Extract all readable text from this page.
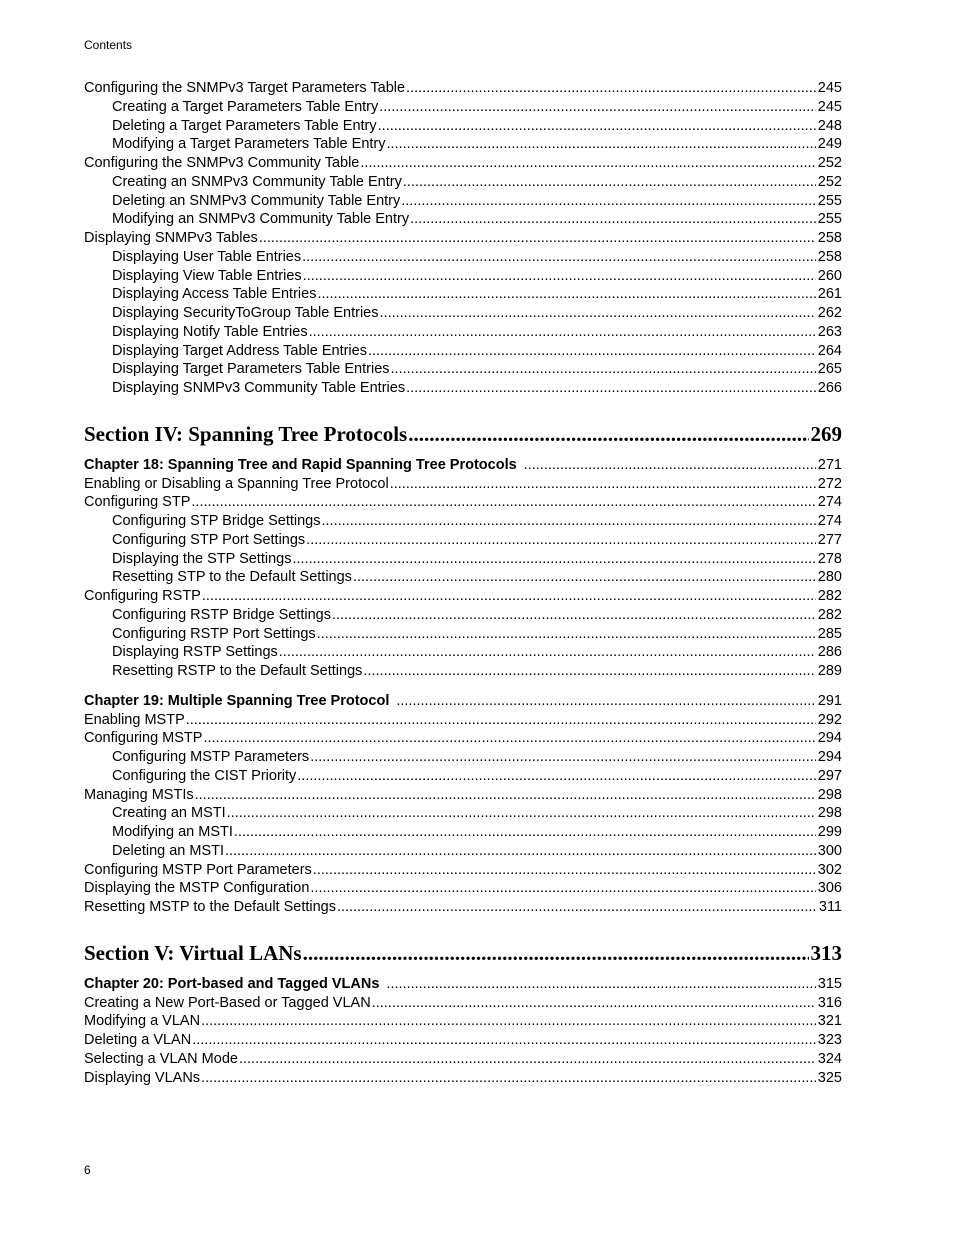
Contents
Configuring the SNMPv3 Target Parameters Table .....	245
Creating a Target Parameters Table Entry .....	245
Deleting a Target Parameters Table Entry .....	248
Modifying a Target Parameters Table Entry .....	249
Configuring the SNMPv3 Community Table .....	252
Creating an SNMPv3 Community Table Entry .....	252
Deleting an SNMPv3 Community Table Entry .....	255
Modifying an SNMPv3 Community Table Entry .....	255
Displaying SNMPv3 Tables .....	258
Displaying User Table Entries .....	258
Displaying View Table Entries .....	260
Displaying Access Table Entries .....	261
Displaying SecurityToGroup Table Entries .....	262
Displaying Notify Table Entries .....	263
Displaying Target Address Table Entries .....	264
Displaying Target Parameters Table Entries .....	265
Displaying SNMPv3 Community Table Entries .....	266
Section IV: Spanning Tree Protocols .....	269
Chapter 18: Spanning Tree and Rapid Spanning Tree Protocols .....	271
Enabling or Disabling a Spanning Tree Protocol .....	272
Configuring STP .....	274
Configuring STP Bridge Settings .....	274
Configuring STP Port Settings .....	277
Displaying the STP Settings .....	278
Resetting STP to the Default Settings .....	280
Configuring RSTP .....	282
Configuring RSTP Bridge Settings .....	282
Configuring RSTP Port Settings .....	285
Displaying RSTP Settings .....	286
Resetting RSTP to the Default Settings .....	289
Chapter 19: Multiple Spanning Tree Protocol .....	291
Enabling MSTP .....	292
Configuring MSTP .....	294
Configuring MSTP Parameters .....	294
Configuring the CIST Priority .....	297
Managing MSTIs .....	298
Creating an MSTI .....	298
Modifying an MSTI .....	299
Deleting an MSTI .....	300
Configuring MSTP Port Parameters .....	302
Displaying the MSTP Configuration .....	306
Resetting MSTP to the Default Settings .....	311
Section V: Virtual LANs .....	313
Chapter 20: Port-based and Tagged VLANs .....	315
Creating a New Port-Based or Tagged VLAN .....	316
Modifying a VLAN .....	321
Deleting a VLAN .....	323
Selecting a VLAN Mode .....	324
Displaying VLANs .....	325
6
